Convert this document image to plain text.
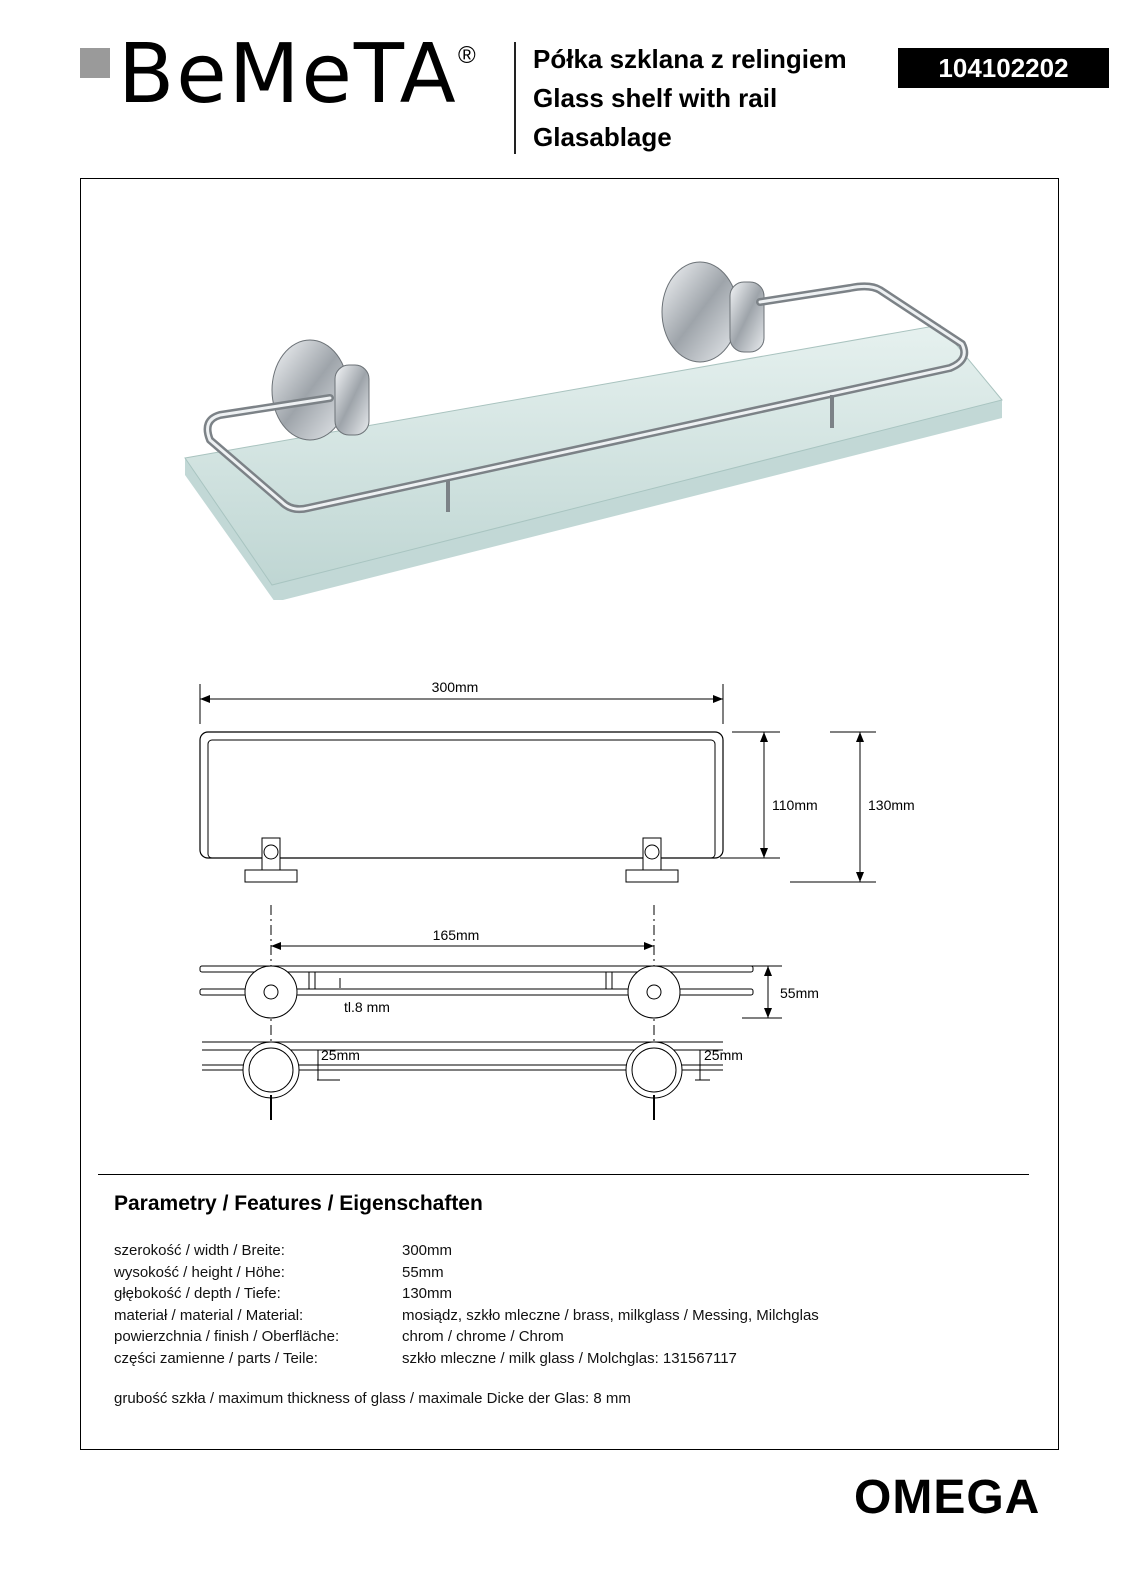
BeMeTA ® Półka szklana z relingiem
Glass shelf with rail
Glasablage
104102202
300mm
110mm	130mm
165mm
tl.8 mm
55mm
25mm	25mm
Parametry / Features / Eigenschaften
szerokość / width / Breite:	300mm
wysokość / height / Höhe:	55mm
głębokość / depth / Tiefe:	130mm
materiał / material / Material:	mosiądz, szkło mleczne / brass, milkglass / Messing, Milchglas
powierzchnia / finish / Oberfläche:	chrom / chrome / Chrom
części zamienne / parts / Teile:	szkło mleczne / milk glass / Molchglas: 131567117
grubość szkła / maximum thickness of glass / maximale Dicke der Glas: 8 mm
OMEGA
